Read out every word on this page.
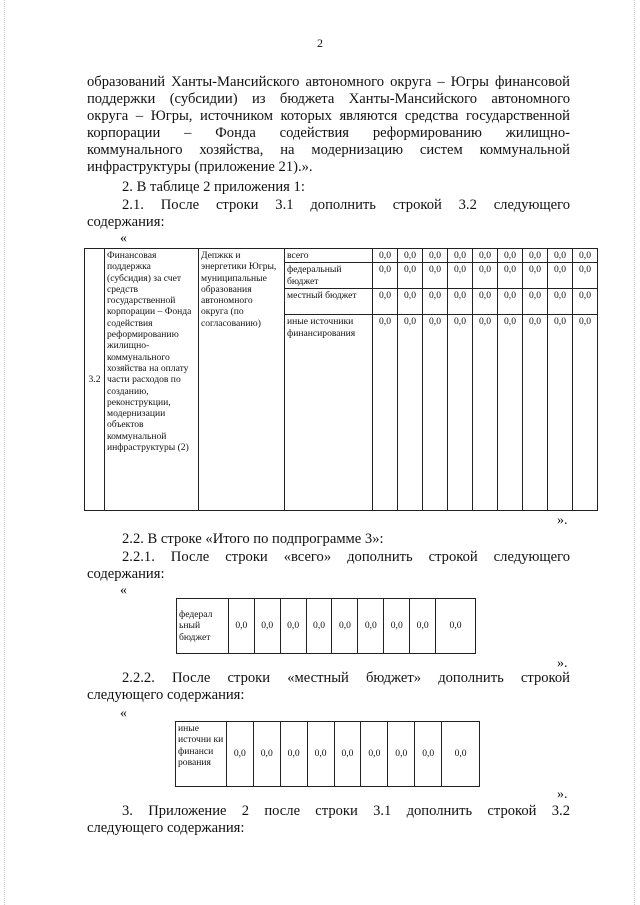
2
образований Ханты-Мансийского автономного округа – Югры финансовой
поддержки (субсидии) из бюджета Ханты-Мансийского автономного
округа – Югры, источником которых являются средства государственной
корпорации – Фонда содействия реформированию жилищно-
коммунального хозяйства, на модернизацию систем коммунальной
инфраструктуры (приложение 21).».
2. В таблице 2 приложения 1:
2.1. После строки 3.1 дополнить строкой 3.2 следующего
содержания:
«
3.2	Финансовая поддержка (субсидия) за счет средств государственной корпорации – Фонда содействия реформированию жилищно-коммунального хозяйства на оплату части расходов по созданию, реконструкции, модернизации объектов коммунальной инфраструктуры (2)	Депжкк и энергетики Югры, муниципальные образования автономного округа (по согласованию)	всего	0,0	0,0	0,0	0,0	0,0	0,0	0,0	0,0	0,0
			федеральный бюджет	0,0	0,0	0,0	0,0	0,0	0,0	0,0	0,0	0,0
			местный бюджет	0,0	0,0	0,0	0,0	0,0	0,0	0,0	0,0	0,0
			иные источники финансирования	0,0	0,0	0,0	0,0	0,0	0,0	0,0	0,0	0,0
».
2.2. В строке «Итого по подпрограмме 3»:
2.2.1. После строки «всего» дополнить строкой следующего
содержания:
«
федерал ьный бюджет	0,0	0,0	0,0	0,0	0,0	0,0	0,0	0,0	0,0
».
2.2.2. После строки «местный бюджет» дополнить строкой
следующего содержания:
«
иные источни ки финанси рования	0,0	0,0	0,0	0,0	0,0	0,0	0,0	0,0	0,0
».
3. Приложение 2 после строки 3.1 дополнить строкой 3.2
следующего содержания:
